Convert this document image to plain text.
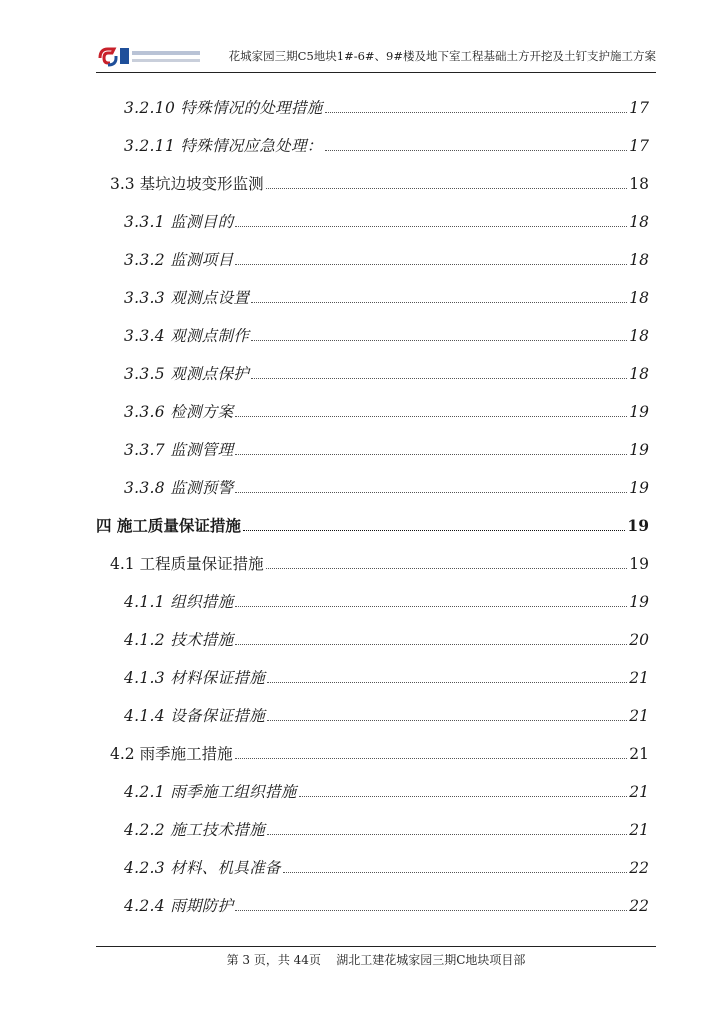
花城家园三期C5地块1#-6#、9#楼及地下室工程基础土方开挖及土钉支护施工方案
3.2.10 特殊情况的处理措施	17
3.2.11 特殊情况应急处理：	17
3.3 基坑边坡变形监测	18
3.3.1 监测目的	18
3.3.2 监测项目	18
3.3.3 观测点设置	18
3.3.4 观测点制作	18
3.3.5 观测点保护	18
3.3.6 检测方案	19
3.3.7 监测管理	19
3.3.8 监测预警	19
四 施工质量保证措施	19
4.1 工程质量保证措施	19
4.1.1 组织措施	19
4.1.2 技术措施	20
4.1.3 材料保证措施	21
4.1.4 设备保证措施	21
4.2 雨季施工措施	21
4.2.1 雨季施工组织措施	21
4.2.2 施工技术措施	21
4.2.3 材料、机具准备	22
4.2.4 雨期防护	22
第 3 页，共 44页 湖北工建花城家园三期C地块项目部
